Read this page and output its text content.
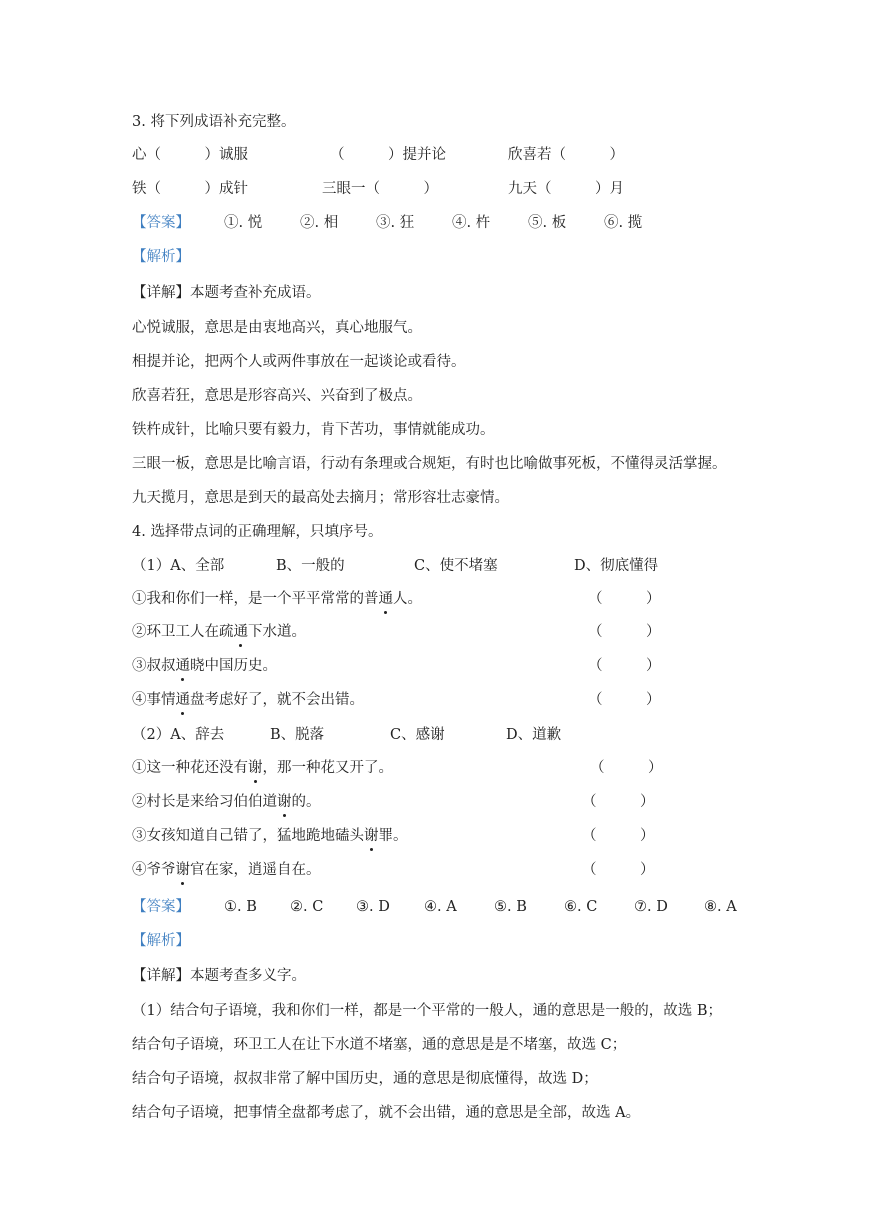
3. 将下列成语补充完整。
心（　　　）诚服	（　　　）提并论	欣喜若（　　　）
铁（　　　）成针	三眼一（　　　）	九天（　　　）月
【答案】 ①. 悦	②. 相	③. 狂	④. 杵	⑤. 板	⑥. 揽
【解析】
【详解】本题考查补充成语。
心悦诚服，意思是由衷地高兴，真心地服气。
相提并论，把两个人或两件事放在一起谈论或看待。
欣喜若狂，意思是形容高兴、兴奋到了极点。
铁杵成针，比喻只要有毅力，肯下苦功，事情就能成功。
三眼一板，意思是比喻言语，行动有条理或合规矩，有时也比喻做事死板，不懂得灵活掌握。
九天揽月，意思是到天的最高处去摘月；常形容壮志豪情。
4. 选择带点词的正确理解，只填序号。
（1）A、全部	B、一般的	C、使不堵塞	D、彻底懂得
①我和你们一样，是一个平平常常的普通人。	（　　　）
②环卫工人在疏通下水道。	（　　　）
③叔叔通晓中国历史。	（　　　）
④事情通盘考虑好了，就不会出错。	（　　　）
（2）A、辞去	B、脱落	C、感谢	D、道歉
①这一种花还没有谢，那一种花又开了。	（　　　）
②村长是来给习伯伯道谢的。	（　　　）
③女孩知道自己错了，猛地跪地磕头谢罪。	（　　　）
④爷爷谢官在家，逍遥自在。	（　　　）
【答案】 ①. B ②. C ③. D ④. A	⑤. B	⑥. C	⑦. D ⑧. A
【解析】
【详解】本题考查多义字。
（1）结合句子语境，我和你们一样，都是一个平常的一般人，通的意思是一般的，故选 B；
结合句子语境，环卫工人在让下水道不堵塞，通的意思是是不堵塞，故选 C；
结合句子语境，叔叔非常了解中国历史，通的意思是彻底懂得，故选 D；
结合句子语境，把事情全盘都考虑了，就不会出错，通的意思是全部，故选 A。
